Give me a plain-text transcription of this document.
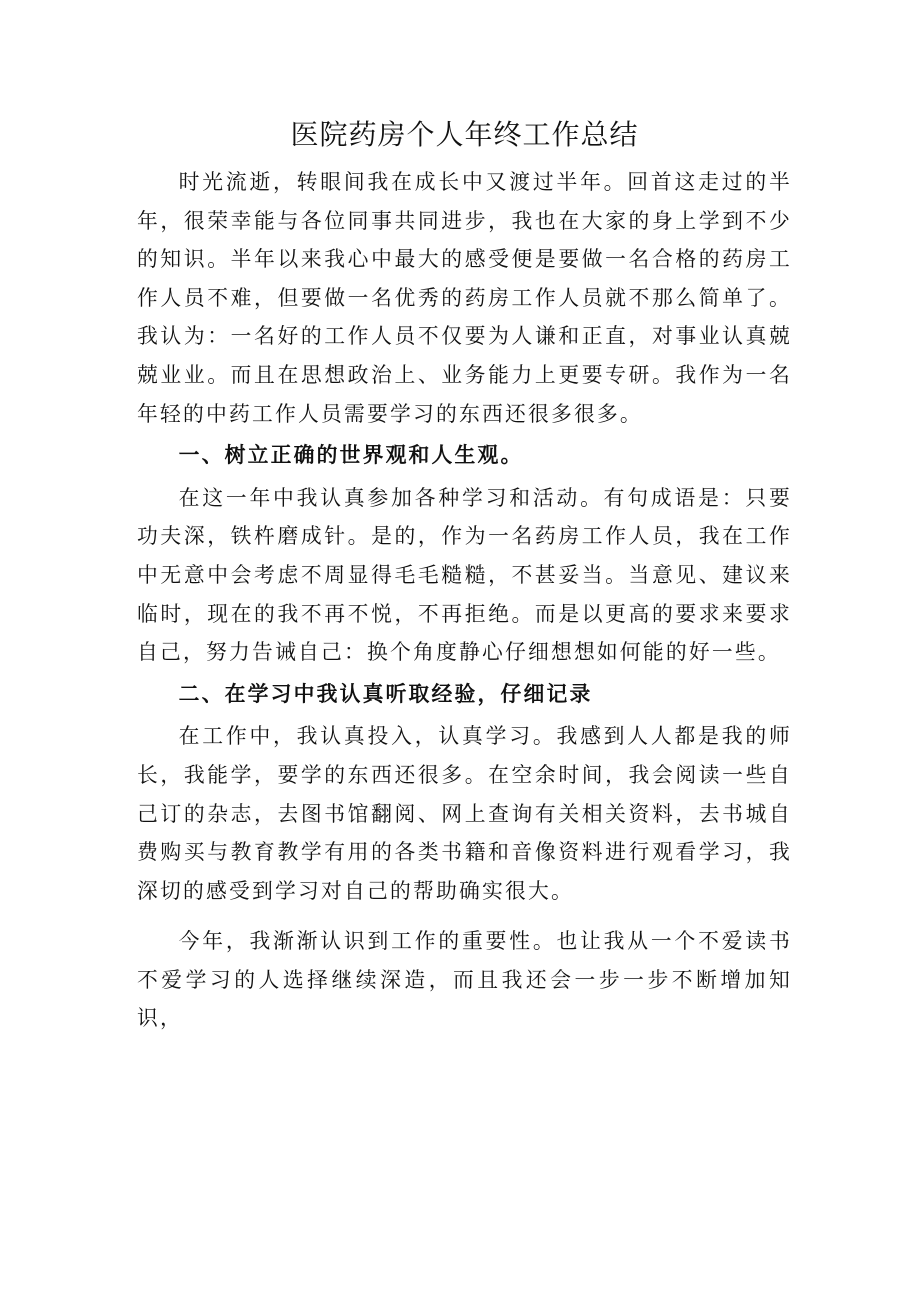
医院药房个人年终工作总结

时光流逝，转眼间我在成长中又渡过半年。回首这走过的半年，很荣幸能与各位同事共同进步，我也在大家的身上学到不少的知识。半年以来我心中最大的感受便是要做一名合格的药房工作人员不难，但要做一名优秀的药房工作人员就不那么简单了。我认为：一名好的工作人员不仅要为人谦和正直，对事业认真兢兢业业。而且在思想政治上、业务能力上更要专研。我作为一名年轻的中药工作人员需要学习的东西还很多很多。

一、树立正确的世界观和人生观。

在这一年中我认真参加各种学习和活动。有句成语是：只要功夫深，铁杵磨成针。是的，作为一名药房工作人员，我在工作中无意中会考虑不周显得毛毛糙糙，不甚妥当。当意见、建议来临时，现在的我不再不悦，不再拒绝。而是以更高的要求来要求自己，努力告诫自己：换个角度静心仔细想想如何能的好一些。

二、在学习中我认真听取经验，仔细记录

在工作中，我认真投入，认真学习。我感到人人都是我的师长，我能学，要学的东西还很多。在空余时间，我会阅读一些自己订的杂志，去图书馆翻阅、网上查询有关相关资料，去书城自费购买与教育教学有用的各类书籍和音像资料进行观看学习，我深切的感受到学习对自己的帮助确实很大。

今年，我渐渐认识到工作的重要性。也让我从一个不爱读书不爱学习的人选择继续深造，而且我还会一步一步不断增加知识，
